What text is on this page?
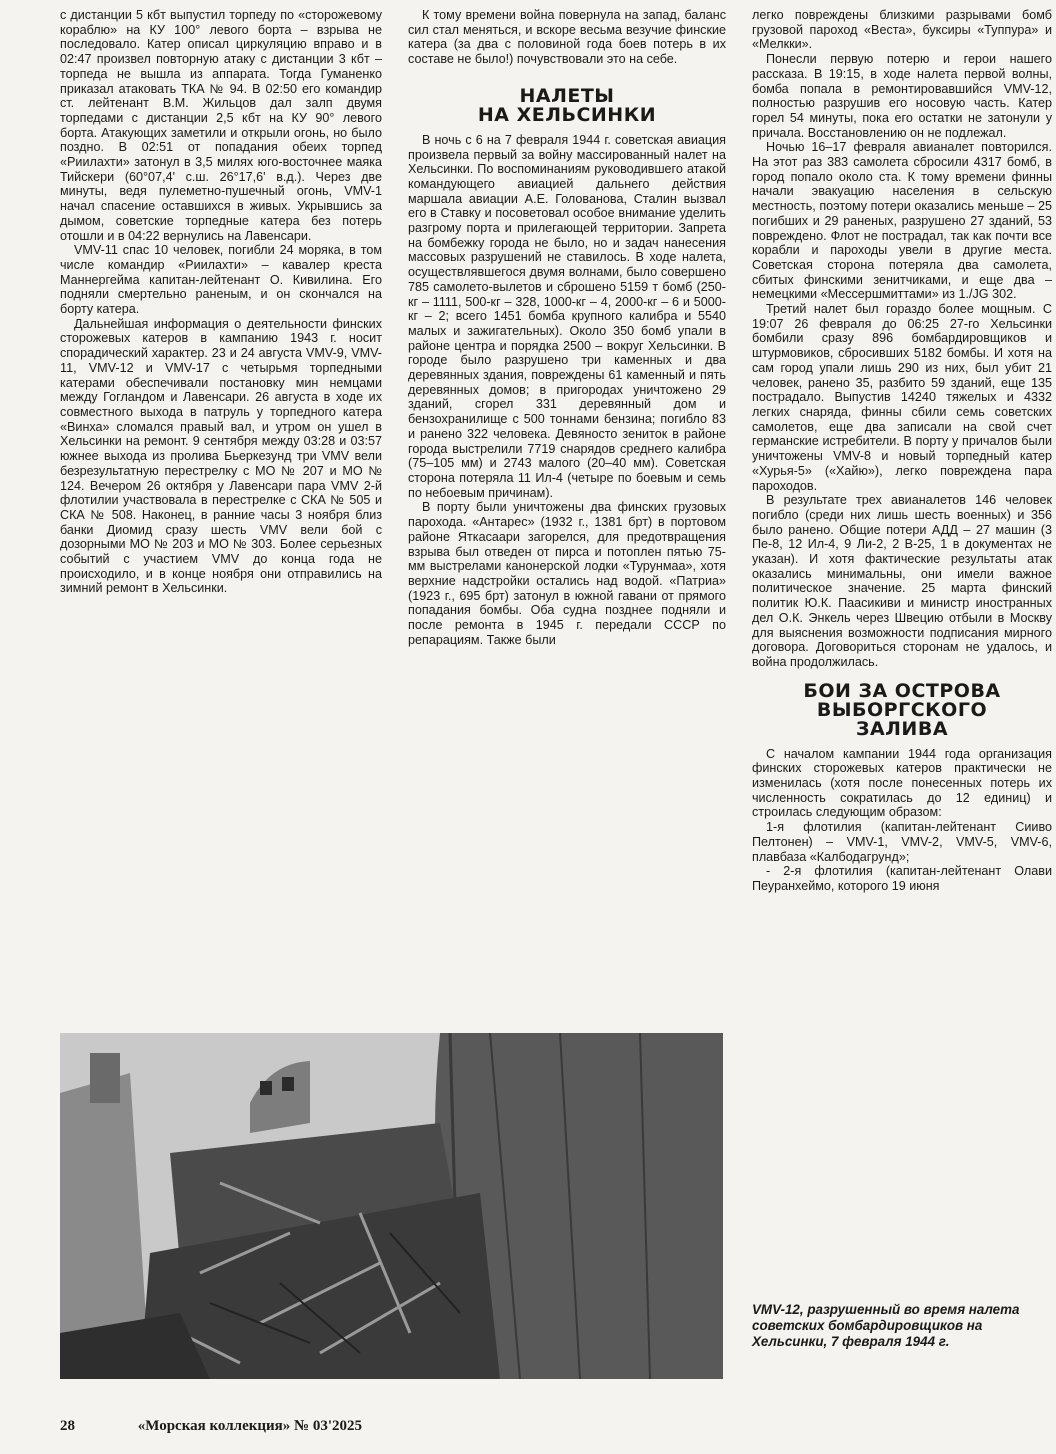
с дистанции 5 кбт выпустил торпеду по «сторожевому кораблю» на КУ 100° левого борта – взрыва не последовало. Катер описал циркуляцию вправо и в 02:47 произвел повторную атаку с дистанции 3 кбт – торпеда не вышла из аппарата. Тогда Гуманенко приказал атаковать ТКА № 94. В 02:50 его командир ст. лейтенант В.М. Жильцов дал залп двумя торпедами с дистанции 2,5 кбт на КУ 90° левого борта. Атакующих заметили и открыли огонь, но было поздно. В 02:51 от попадания обеих торпед «Риилахти» затонул в 3,5 милях юго-восточнее маяка Тийскери (60°07,4' с.ш. 26°17,6' в.д.). Через две минуты, ведя пулеметно-пушечный огонь, VMV-1 начал спасение оставшихся в живых. Укрывшись за дымом, советские торпедные катера без потерь отошли и в 04:22 вернулись на Лавенсари.

VMV-11 спас 10 человек, погибли 24 моряка, в том числе командир «Риилахти» – кавалер креста Маннергейма капитан-лейтенант О. Кивилина. Его подняли смертельно раненым, и он скончался на борту катера.

Дальнейшая информация о деятельности финских сторожевых катеров в кампанию 1943 г. носит спорадический характер. 23 и 24 августа VMV-9, VMV-11, VMV-12 и VMV-17 с четырьмя торпедными катерами обеспечивали постановку мин немцами между Гогландом и Лавенсари. 26 августа в ходе их совместного выхода в патруль у торпедного катера «Винха» сломался правый вал, и утром он ушел в Хельсинки на ремонт. 9 сентября между 03:28 и 03:57 южнее выхода из пролива Бьеркезунд три VMV вели безрезультатную перестрелку с МО № 207 и МО № 124. Вечером 26 октября у Лавенсари пара VMV 2-й флотилии участвовала в перестрелке с СКА № 505 и СКА № 508. Наконец, в ранние часы 3 ноября близ банки Диомид сразу шесть VMV вели бой с дозорными МО № 203 и МО № 303. Более серьезных событий с участием VMV до конца года не происходило, и в конце ноября они отправились на зимний ремонт в Хельсинки.

К тому времени война повернула на запад, баланс сил стал меняться, и вскоре весьма везучие финские катера (за два с половиной года боев потерь в их составе не было!) почувствовали это на себе.

НАЛЕТЫ
НА ХЕЛЬСИНКИ

В ночь с 6 на 7 февраля 1944 г. советская авиация произвела первый за войну массированный налет на Хельсинки. По воспоминаниям руководившего атакой командующего авиацией дальнего действия маршала авиации А.Е. Голованова, Сталин вызвал его в Ставку и посоветовал особое внимание уделить разгрому порта и прилегающей территории. Запрета на бомбежку города не было, но и задач нанесения массовых разрушений не ставилось. В ходе налета, осуществлявшегося двумя волнами, было совершено 785 самолето-вылетов и сброшено 5159 т бомб (250-кг – 1111, 500-кг – 328, 1000-кг – 4, 2000-кг – 6 и 5000-кг – 2; всего 1451 бомба крупного калибра и 5540 малых и зажигательных). Около 350 бомб упали в районе центра и порядка 2500 – вокруг Хельсинки. В городе было разрушено три каменных и два деревянных здания, повреждены 61 каменный и пять деревянных домов; в пригородах уничтожено 29 зданий, сгорел 331 деревянный дом и бензохранилище с 500 тоннами бензина; погибло 83 и ранено 322 человека. Девяносто зениток в районе города выстрелили 7719 снарядов среднего калибра (75–105 мм) и 2743 малого (20–40 мм). Советская сторона потеряла 11 Ил-4 (четыре по боевым и семь по небоевым причинам).

В порту были уничтожены два финских грузовых парохода. «Антарес» (1932 г., 1381 брт) в портовом районе Яткасаари загорелся, для предотвращения взрыва был отведен от пирса и потоплен пятью 75-мм выстрелами канонерской лодки «Турунмаа», хотя верхние надстройки остались над водой. «Патриа» (1923 г., 695 брт) затонул в южной гавани от прямого попадания бомбы. Оба судна позднее подняли и после ремонта в 1945 г. передали СССР по репарациям. Также были

легко повреждены близкими разрывами бомб грузовой пароход «Веста», буксиры «Туппура» и «Мелкки».

Понесли первую потерю и герои нашего рассказа. В 19:15, в ходе налета первой волны, бомба попала в ремонтировавшийся VMV-12, полностью разрушив его носовую часть. Катер горел 54 минуты, пока его остатки не затонули у причала. Восстановлению он не подлежал.

Ночью 16–17 февраля авианалет повторился. На этот раз 383 самолета сбросили 4317 бомб, в город попало около ста. К тому времени финны начали эвакуацию населения в сельскую местность, поэтому потери оказались меньше – 25 погибших и 29 раненых, разрушено 27 зданий, 53 повреждено. Флот не пострадал, так как почти все корабли и пароходы увели в другие места. Советская сторона потеряла два самолета, сбитых финскими зенитчиками, и еще два – немецкими «Мессершмиттами» из 1./JG 302.

Третий налет был гораздо более мощным. С 19:07 26 февраля до 06:25 27-го Хельсинки бомбили сразу 896 бомбардировщиков и штурмовиков, сбросивших 5182 бомбы. И хотя на сам город упали лишь 290 из них, был убит 21 человек, ранено 35, разбито 59 зданий, еще 135 пострадало. Выпустив 14240 тяжелых и 4332 легких снаряда, финны сбили семь советских самолетов, еще два записали на свой счет германские истребители. В порту у причалов были уничтожены VMV-8 и новый торпедный катер «Хурья-5» («Хайю»), легко повреждена пара пароходов.

В результате трех авианалетов 146 человек погибло (среди них лишь шесть военных) и 356 было ранено. Общие потери АДД – 27 машин (3 Пе-8, 12 Ил-4, 9 Ли-2, 2 B-25, 1 в документах не указан). И хотя фактические результаты атак оказались минимальны, они имели важное политическое значение. 25 марта финский политик Ю.К. Паасикиви и министр иностранных дел О.К. Энкель через Швецию отбыли в Москву для выяснения возможности подписания мирного договора. Договориться сторонам не удалось, и война продолжилась.

БОИ ЗА ОСТРОВА
ВЫБОРГСКОГО
ЗАЛИВА

С началом кампании 1944 года организация финских сторожевых катеров практически не изменилась (хотя после понесенных потерь их численность сократилась до 12 единиц) и строилась следующим образом:

1-я флотилия (капитан-лейтенант Сииво Пелтонен) – VMV-1, VMV-2, VMV-5, VMV-6, плавбаза «Калбодагрунд»;

- 2-я флотилия (капитан-лейтенант Олави Пеуранхеймо, которого 19 июня

VMV-12, разрушенный во время налета советских бомбардировщиков на Хельсинки, 7 февраля 1944 г.
28	«Морская коллекция» № 03'2025
